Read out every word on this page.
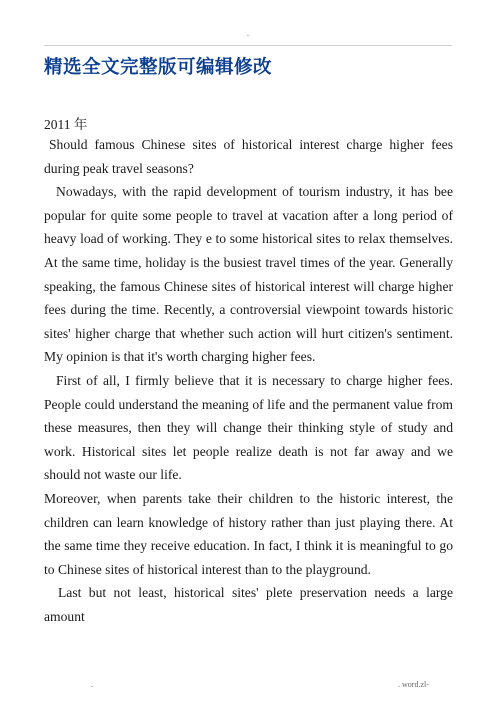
.
精选全文完整版可编辑修改
2011 年

Should famous Chinese sites of historical interest charge higher fees during peak travel seasons?

Nowadays, with the rapid development of tourism industry, it has bee popular for quite some people to travel at vacation after a long period of heavy load of working. They e to some historical sites to relax themselves. At the same time, holiday is the busiest travel times of the year. Generally speaking, the famous Chinese sites of historical interest will charge higher fees during the time. Recently, a controversial viewpoint towards historic sites' higher charge that whether such action will hurt citizen's sentiment. My opinion is that it's worth charging higher fees.

First of all, I firmly believe that it is necessary to charge higher fees. People could understand the meaning of life and the permanent value from these measures, then they will change their thinking style of study and work. Historical sites let people realize death is not far away and we should not waste our life.

Moreover, when parents take their children to the historic interest, the children can learn knowledge of history rather than just playing there. At the same time they receive education. In fact, I think it is meaningful to go to Chinese sites of historical interest than to the playground.

Last but not least, historical sites' plete preservation needs a large amount

.	. word.zl-
